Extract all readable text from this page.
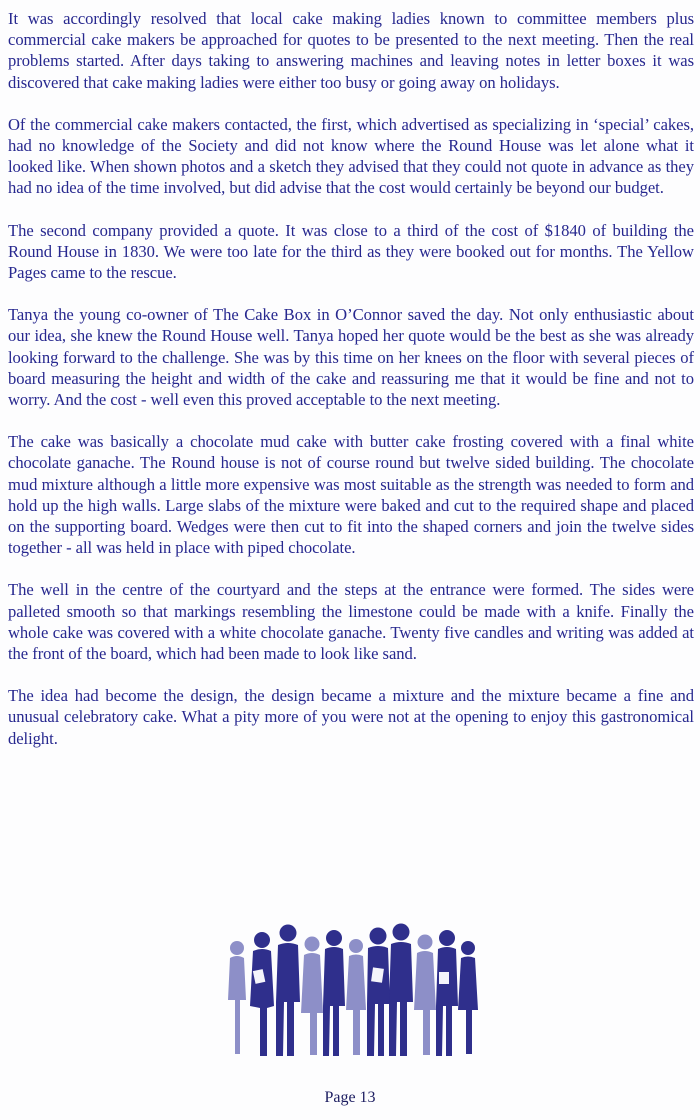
It was accordingly resolved that local cake making ladies known to committee members plus commercial cake makers be approached for quotes to be presented to the next meeting. Then the real problems started. After days taking to answering machines and leaving notes in letter boxes it was discovered that cake making ladies were either too busy or going away on holidays.

Of the commercial cake makers contacted, the first, which advertised as specializing in ‘special’ cakes, had no knowledge of the Society and did not know where the Round House was let alone what it looked like. When shown photos and a sketch they advised that they could not quote in advance as they had no idea of the time involved, but did advise that the cost would certainly be beyond our budget.

The second company provided a quote. It was close to a third of the cost of $1840 of building the Round House in 1830. We were too late for the third as they were booked out for months. The Yellow Pages came to the rescue.

Tanya the young co-owner of The Cake Box in O’Connor saved the day. Not only enthusiastic about our idea, she knew the Round House well. Tanya hoped her quote would be the best as she was already looking forward to the challenge. She was by this time on her knees on the floor with several pieces of board measuring the height and width of the cake and reassuring me that it would be fine and not to worry. And the cost - well even this proved acceptable to the next meeting.

The cake was basically a chocolate mud cake with butter cake frosting covered with a final white chocolate ganache. The Round house is not of course round but twelve sided building. The chocolate mud mixture although a little more expensive was most suitable as the strength was needed to form and hold up the high walls. Large slabs of the mixture were baked and cut to the required shape and placed on the supporting board. Wedges were then cut to fit into the shaped corners and join the twelve sides together - all was held in place with piped chocolate.

The well in the centre of the courtyard and the steps at the entrance were formed. The sides were palleted smooth so that markings resembling the limestone could be made with a knife. Finally the whole cake was covered with a white chocolate ganache. Twenty five candles and writing was added at the front of the board, which had been made to look like sand.

The idea had become the design, the design became a mixture and the mixture became a fine and unusual celebratory cake. What a pity more of you were not at the opening to enjoy this gastronomical delight.

Page 13
